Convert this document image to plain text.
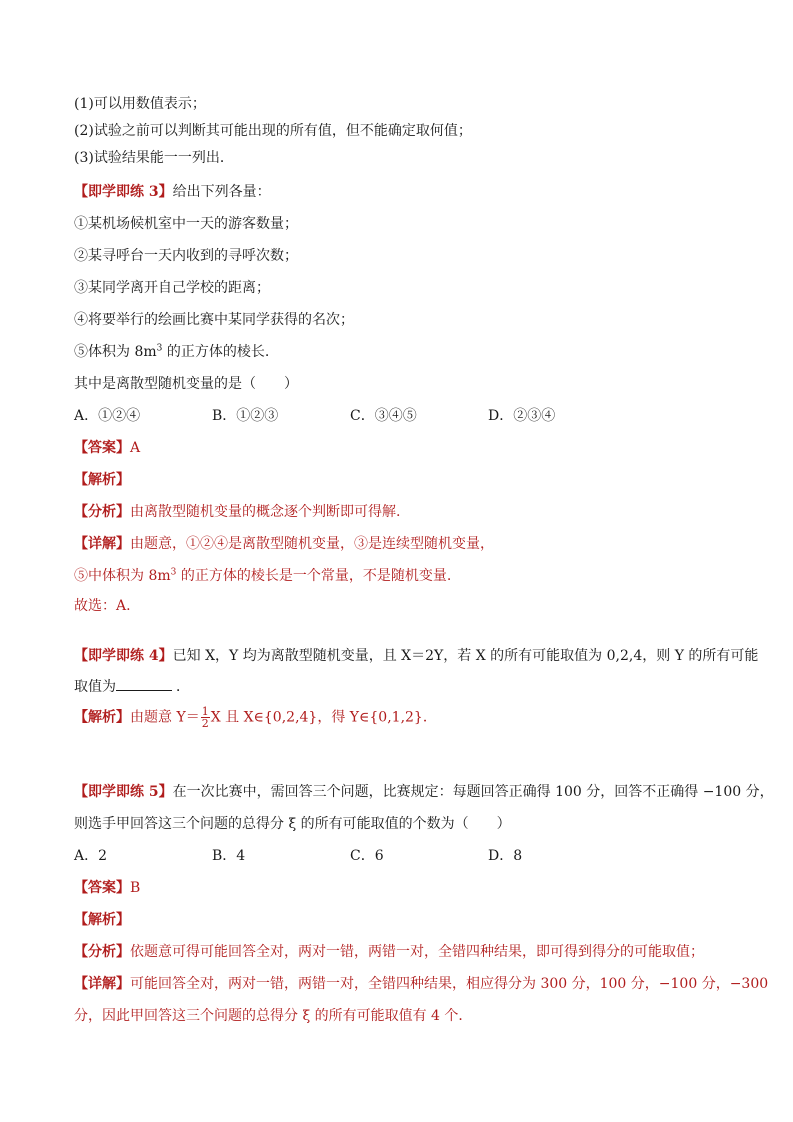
(1)可以用数值表示；
(2)试验之前可以判断其可能出现的所有值，但不能确定取何值；
(3)试验结果能一一列出．
【即学即练 3】给出下列各量：
①某机场候机室中一天的游客数量；
②某寻呼台一天内收到的寻呼次数；
③某同学离开自己学校的距离；
④将要举行的绘画比赛中某同学获得的名次；
⑤体积为 $8m^3$ 的正方体的棱长.
其中是离散型随机变量的是（　　）
A．①②④	B．①②③	C．③④⑤	D．②③④
【答案】A
【解析】
【分析】由离散型随机变量的概念逐个判断即可得解.
【详解】由题意，①②④是离散型随机变量，③是连续型随机变量，
⑤中体积为 $8m^3$ 的正方体的棱长是一个常量，不是随机变量.
故选：A.
【即学即练 4】已知 X，Y 均为离散型随机变量，且 X＝2Y，若 X 的所有可能取值为 0,2,4，则 Y 的所有可能
取值为	．
【解析】由题意 $Y= \frac{1}{2}$ X 且 X∈{0,2,4}，得 Y∈{0,1,2}．
【即学即练 5】在一次比赛中，需回答三个问题，比赛规定：每题回答正确得 100 分，回答不正确得 −100 分，
则选手甲回答这三个问题的总得分 ξ 的所有可能取值的个数为（　　）
A．2	B．4	C．6	D．8
【答案】B
【解析】
【分析】依题意可得可能回答全对，两对一错，两错一对，全错四种结果，即可得到得分的可能取值；
【详解】可能回答全对，两对一错，两错一对，全错四种结果，相应得分为 300 分，100 分，−100 分，−300
分，因此甲回答这三个问题的总得分 ξ 的所有可能取值有 4 个．
